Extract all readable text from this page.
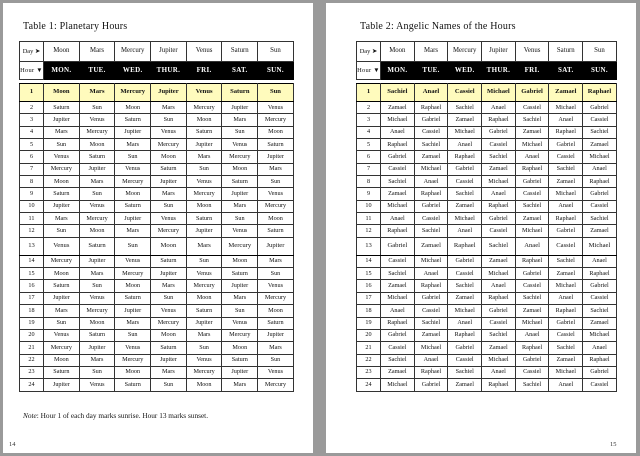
Table 1: Planetary Hours
Day ➤	Moon	Mars	Mercury	Jupiter	Venus	Saturn	Sun
Hour ▼	MON.	TUE.	WED.	THUR.	FRI.	SAT.	SUN.

1	Moon	Mars	Mercury	Jupiter	Venus	Saturn	Sun
2	Saturn	Sun	Moon	Mars	Mercury	Jupiter	Venus
3	Jupiter	Venus	Saturn	Sun	Moon	Mars	Mercury
4	Mars	Mercury	Jupiter	Venus	Saturn	Sun	Moon
5	Sun	Moon	Mars	Mercury	Jupiter	Venus	Saturn
6	Venus	Saturn	Sun	Moon	Mars	Mercury	Jupiter
7	Mercury	Jupiter	Venus	Saturn	Sun	Moon	Mars
8	Moon	Mars	Mercury	Jupiter	Venus	Saturn	Sun
9	Saturn	Sun	Moon	Mars	Mercury	Jupiter	Venus
10	Jupiter	Venus	Saturn	Sun	Moon	Mars	Mercury
11	Mars	Mercury	Jupiter	Venus	Saturn	Sun	Moon
12	Sun	Moon	Mars	Mercury	Jupiter	Venus	Saturn
13	Venus	Saturn	Sun	Moon	Mars	Mercury	Jupiter
14	Mercury	Jupiter	Venus	Saturn	Sun	Moon	Mars
15	Moon	Mars	Mercury	Jupiter	Venus	Saturn	Sun
16	Saturn	Sun	Moon	Mars	Mercury	Jupiter	Venus
17	Jupiter	Venus	Saturn	Sun	Moon	Mars	Mercury
18	Mars	Mercury	Jupiter	Venus	Saturn	Sun	Moon
19	Sun	Moon	Mars	Mercury	Jupiter	Venus	Saturn
20	Venus	Saturn	Sun	Moon	Mars	Mercury	Jupiter
21	Mercury	Jupiter	Venus	Saturn	Sun	Moon	Mars
22	Moon	Mars	Mercury	Jupiter	Venus	Saturn	Sun
23	Saturn	Sun	Moon	Mars	Mercury	Jupiter	Venus
24	Jupiter	Venus	Saturn	Sun	Moon	Mars	Mercury
Note: Hour 1 of each day marks sunrise. Hour 13 marks sunset.
14
Table 2: Angelic Names of the Hours
Day ➤	Moon	Mars	Mercury	Jupiter	Venus	Saturn	Sun
Hour ▼	MON.	TUE.	WED.	THUR.	FRI.	SAT.	SUN.

1	Sachiel	Anael	Cassiel	Michael	Gabriel	Zamael	Raphael
2	Zamael	Raphael	Sachiel	Anael	Cassiel	Michael	Gabriel
3	Michael	Gabriel	Zamael	Raphael	Sachiel	Anael	Cassiel
4	Anael	Cassiel	Michael	Gabriel	Zamael	Raphael	Sachiel
5	Raphael	Sachiel	Anael	Cassiel	Michael	Gabriel	Zamael
6	Gabriel	Zamael	Raphael	Sachiel	Anael	Cassiel	Michael
7	Cassiel	Michael	Gabriel	Zamael	Raphael	Sachiel	Anael
8	Sachiel	Anael	Cassiel	Michael	Gabriel	Zamael	Raphael
9	Zamael	Raphael	Sachiel	Anael	Cassiel	Michael	Gabriel
10	Michael	Gabriel	Zamael	Raphael	Sachiel	Anael	Cassiel
11	Anael	Cassiel	Michael	Gabriel	Zamael	Raphael	Sachiel
12	Raphael	Sachiel	Anael	Cassiel	Michael	Gabriel	Zamael
13	Gabriel	Zamael	Raphael	Sachiel	Anael	Cassiel	Michael
14	Cassiel	Michael	Gabriel	Zamael	Raphael	Sachiel	Anael
15	Sachiel	Anael	Cassiel	Michael	Gabriel	Zamael	Raphael
16	Zamael	Raphael	Sachiel	Anael	Cassiel	Michael	Gabriel
17	Michael	Gabriel	Zamael	Raphael	Sachiel	Anael	Cassiel
18	Anael	Cassiel	Michael	Gabriel	Zamael	Raphael	Sachiel
19	Raphael	Sachiel	Anael	Cassiel	Michael	Gabriel	Zamael
20	Gabriel	Zamael	Raphael	Sachiel	Anael	Cassiel	Michael
21	Cassiel	Michael	Gabriel	Zamael	Raphael	Sachiel	Anael
22	Sachiel	Anael	Cassiel	Michael	Gabriel	Zamael	Raphael
23	Zamael	Raphael	Sachiel	Anael	Cassiel	Michael	Gabriel
24	Michael	Gabriel	Zamael	Raphael	Sachiel	Anael	Cassiel
15
